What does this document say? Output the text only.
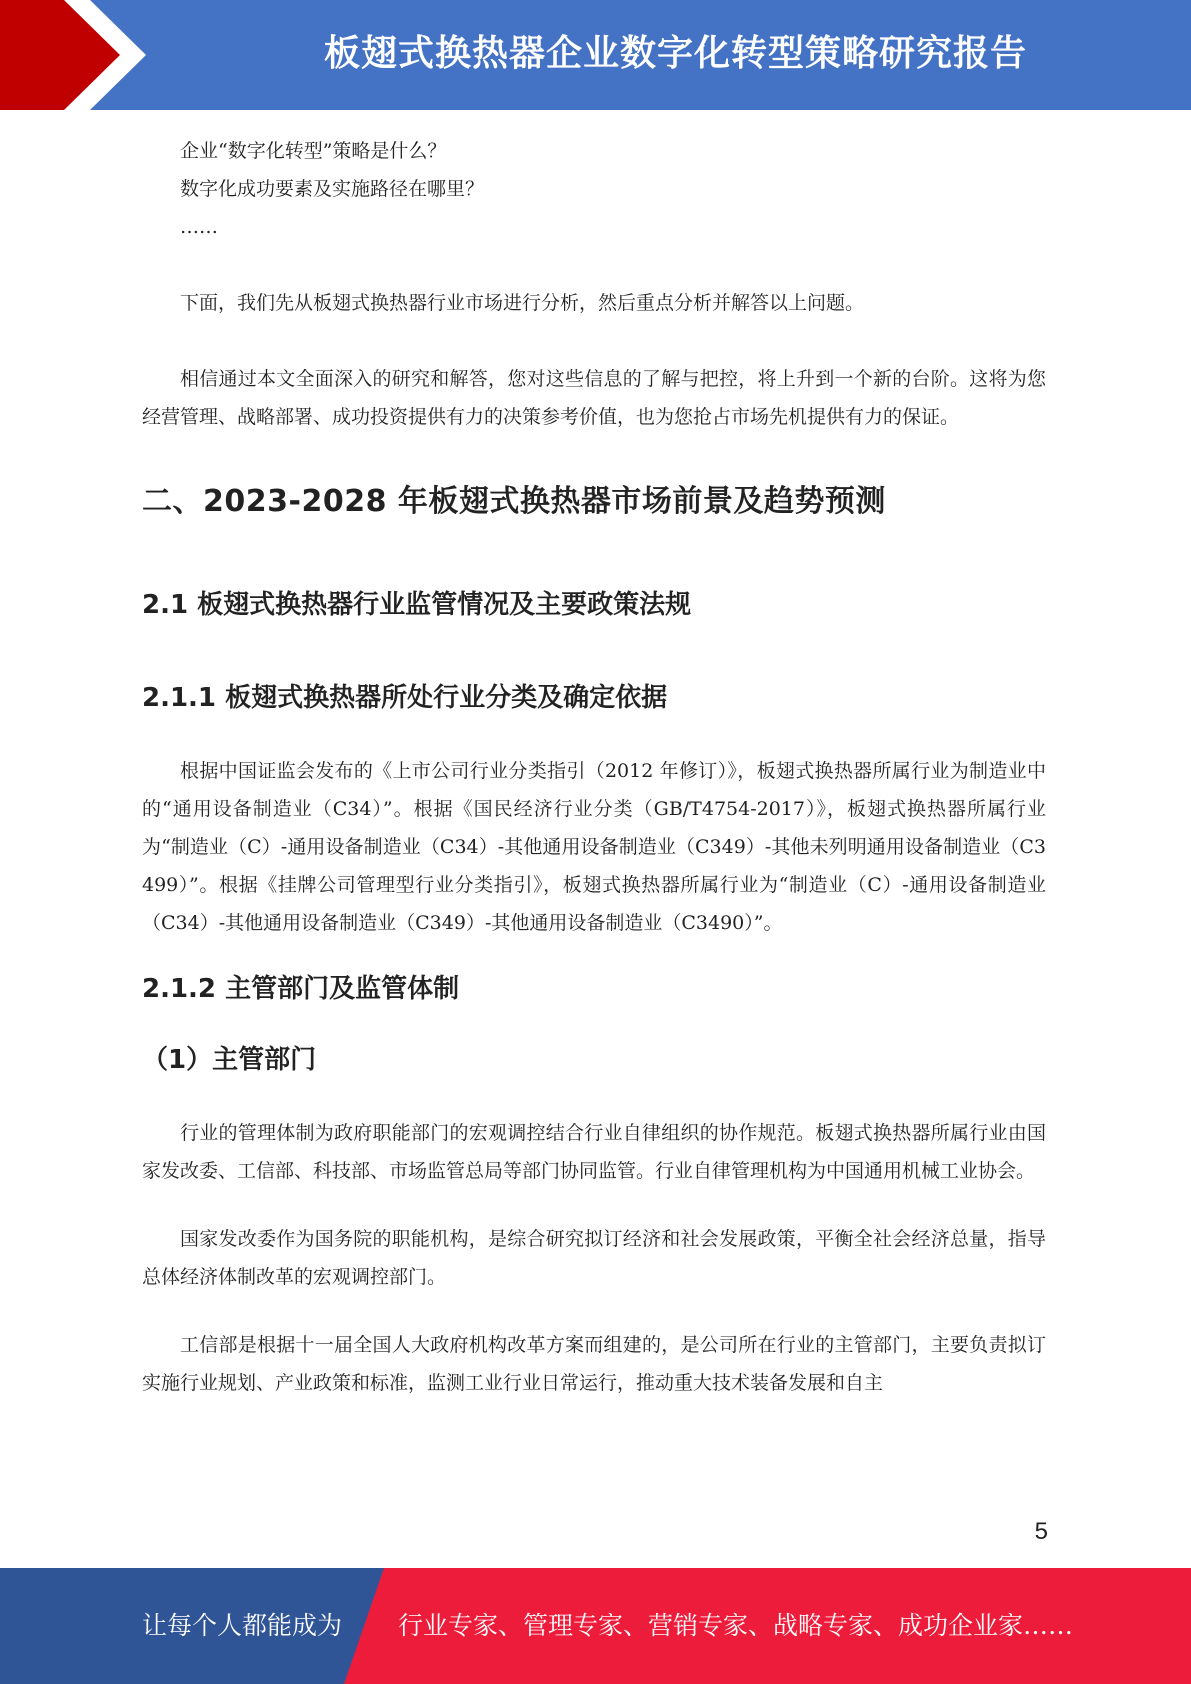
板翅式换热器企业数字化转型策略研究报告

企业“数字化转型”策略是什么？

数字化成功要素及实施路径在哪里？

……

下面，我们先从板翅式换热器行业市场进行分析，然后重点分析并解答以上问题。

相信通过本文全面深入的研究和解答，您对这些信息的了解与把控，将上升到一个新的台阶。这将为您经营管理、战略部署、成功投资提供有力的决策参考价值，也为您抢占市场先机提供有力的保证。

二、2023-2028 年板翅式换热器市场前景及趋势预测
2.1 板翅式换热器行业监管情况及主要政策法规
2.1.1 板翅式换热器所处行业分类及确定依据

根据中国证监会发布的《上市公司行业分类指引（2012 年修订）》，板翅式换热器所属行业为制造业中的“通用设备制造业（C34）”。根据《国民经济行业分类（GB/T4754-2017）》，板翅式换热器所属行业为“制造业（C）-通用设备制造业（C34）-其他通用设备制造业（C349）-其他未列明通用设备制造业（C3499）”。根据《挂牌公司管理型行业分类指引》，板翅式换热器所属行业为“制造业（C）-通用设备制造业（C34）-其他通用设备制造业（C349）-其他通用设备制造业（C3490）”。

2.1.2 主管部门及监管体制
（1）主管部门

行业的管理体制为政府职能部门的宏观调控结合行业自律组织的协作规范。板翅式换热器所属行业由国家发改委、工信部、科技部、市场监管总局等部门协同监管。行业自律管理机构为中国通用机械工业协会。

国家发改委作为国务院的职能机构，是综合研究拟订经济和社会发展政策，平衡全社会经济总量，指导总体经济体制改革的宏观调控部门。

工信部是根据十一届全国人大政府机构改革方案而组建的，是公司所在行业的主管部门，主要负责拟订实施行业规划、产业政策和标准，监测工业行业日常运行，推动重大技术装备发展和自主

5
让每个人都能成为 行业专家、管理专家、营销专家、战略专家、成功企业家……
